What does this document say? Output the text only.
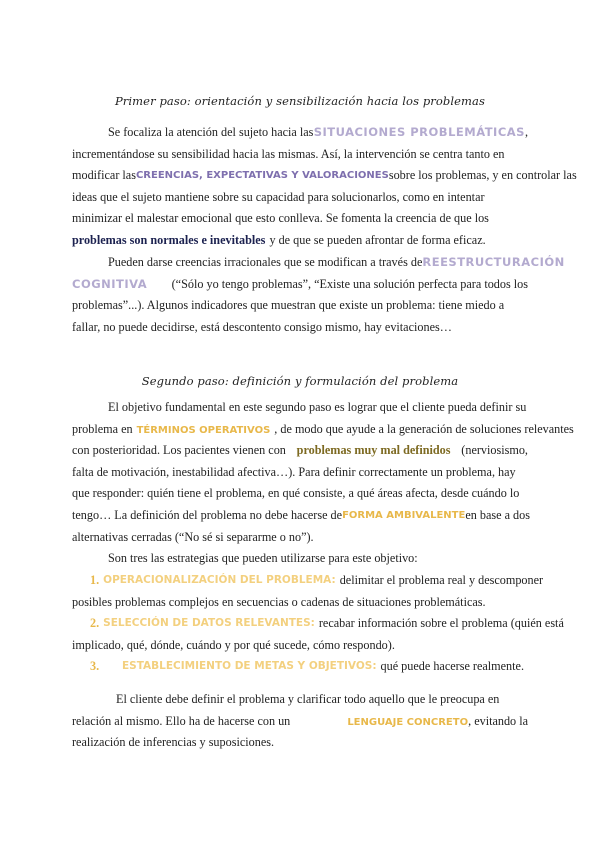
Primer paso: orientación y sensibilización hacia los problemas
Se focaliza la atención del sujeto hacia las SITUACIONES PROBLEMÁTICAS,
incrementándose su sensibilidad hacia las mismas. Así, la intervención se centra tanto en
modificar las CREENCIAS, EXPECTATIVAS Y VALORACIONES sobre los problemas, y en controlar las
ideas que el sujeto mantiene sobre su capacidad para solucionarlos, como en intentar
minimizar el malestar emocional que esto conlleva. Se fomenta la creencia de que los
problemas son normales e inevitables y de que se pueden afrontar de forma eficaz.
Pueden darse creencias irracionales que se modifican a través de REESTRUCTURACIÓN
COGNITIVA (“Sólo yo tengo problemas”, “Existe una solución perfecta para todos los
problemas”...). Algunos indicadores que muestran que existe un problema: tiene miedo a
fallar, no puede decidirse, está descontento consigo mismo, hay evitaciones…
Segundo paso: definición y formulación del problema
El objetivo fundamental en este segundo paso es lograr que el cliente pueda definir su
problema en TÉRMINOS OPERATIVOS , de modo que ayude a la generación de soluciones relevantes
con posterioridad. Los pacientes vienen con problemas muy mal definidos (nerviosismo,
falta de motivación, inestabilidad afectiva…). Para definir correctamente un problema, hay
que responder: quién tiene el problema, en qué consiste, a qué áreas afecta, desde cuándo lo
tengo… La definición del problema no debe hacerse de FORMA AMBIVALENTE en base a dos
alternativas cerradas (“No sé si separarme o no”).
Son tres las estrategias que pueden utilizarse para este objetivo:
1. OPERACIONALIZACIÓN DEL PROBLEMA: delimitar el problema real y descomponer
posibles problemas complejos en secuencias o cadenas de situaciones problemáticas.
2. SELECCIÓN DE DATOS RELEVANTES: recabar información sobre el problema (quién está
implicado, qué, dónde, cuándo y por qué sucede, cómo respondo).
3.	ESTABLECIMIENTO DE METAS Y OBJETIVOS: qué puede hacerse realmente.
El cliente debe definir el problema y clarificar todo aquello que le preocupa en
relación al mismo. Ello ha de hacerse con un	LENGUAJE CONCRETO, evitando la
realización de inferencias y suposiciones.
